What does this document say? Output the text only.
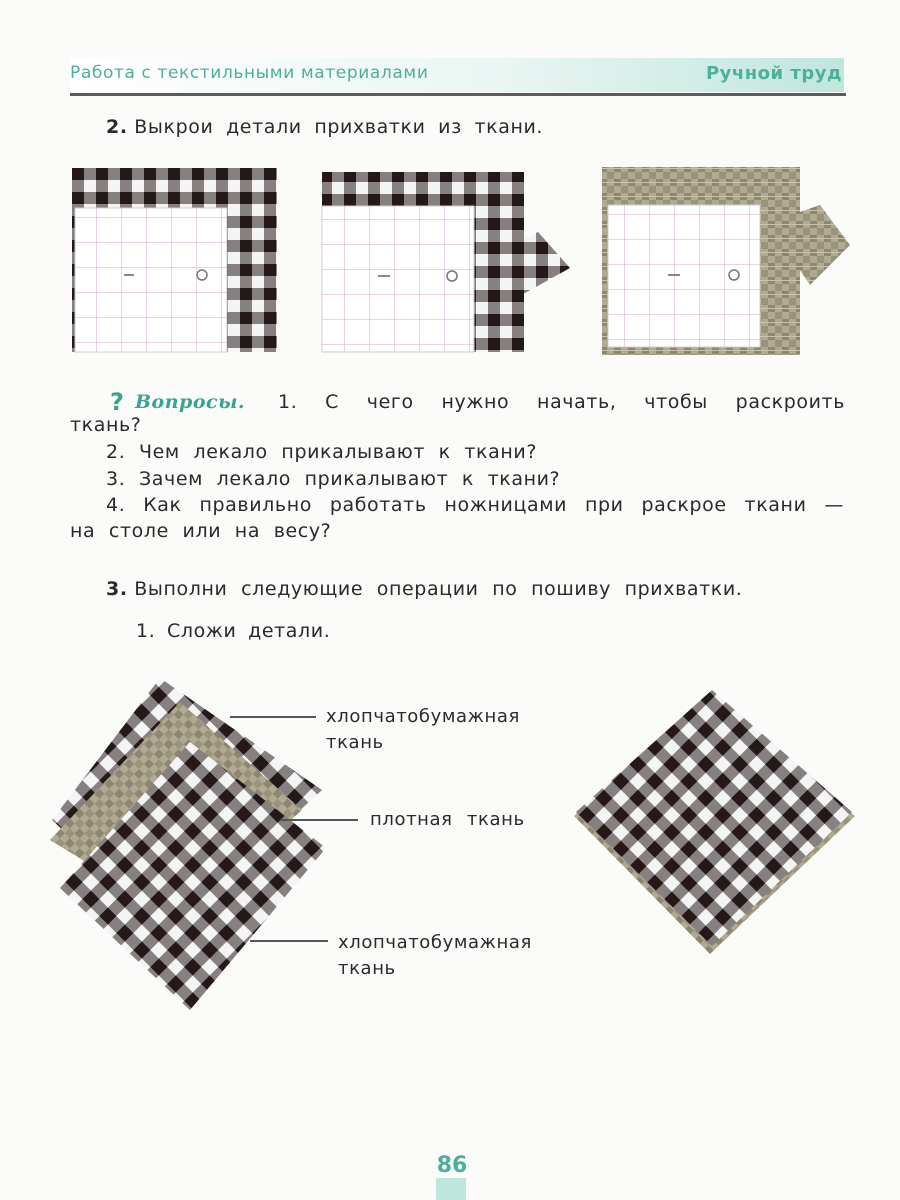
Работа с текстильными материалами	Ручной труд
2. Выкрои детали прихватки из ткани.
? Вопросы. 1. С чего нужно начать, чтобы раскроить
ткань?
2. Чем лекало прикалывают к ткани?
3. Зачем лекало прикалывают к ткани?
4. Как правильно работать ножницами при раскрое ткани —
на столе или на весу?
3. Выполни следующие операции по пошиву прихватки.
1. Сложи детали.
хлопчатобумажная
ткань
плотная ткань
хлопчатобумажная
ткань
86
